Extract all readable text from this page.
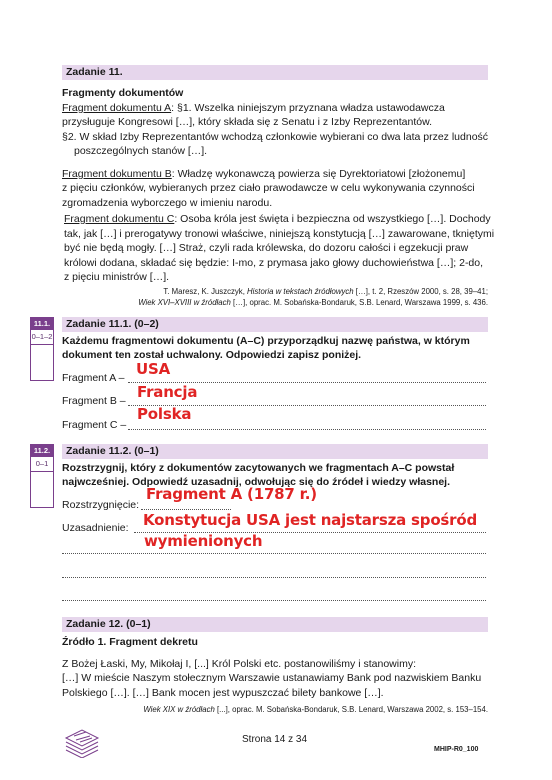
Zadanie 11.
Fragmenty dokumentów
Fragment dokumentu A: §1. Wszelka niniejszym przyznana władza ustawodawcza
przysługuje Kongresowi […], który składa się z Senatu i z Izby Reprezentantów.
§2. W skład Izby Reprezentantów wchodzą członkowie wybierani co dwa lata przez ludność
poszczególnych stanów […].
Fragment dokumentu B: Władzę wykonawczą powierza się Dyrektoriatowi [złożonemu]
z pięciu członków, wybieranych przez ciało prawodawcze w celu wykonywania czynności
zgromadzenia wyborczego w imieniu narodu.
Fragment dokumentu C: Osoba króla jest święta i bezpieczna od wszystkiego […]. Dochody
tak, jak […] i prerogatywy tronowi właściwe, niniejszą konstytucją […] zawarowane, tkniętymi
być nie będą mogły. […] Straż, czyli rada królewska, do dozoru całości i egzekucji praw
królowi dodana, składać się będzie: I-mo, z prymasa jako głowy duchowieństwa […]; 2-do,
z pięciu ministrów […].
T. Maresz, K. Juszczyk, Historia w tekstach źródłowych […], t. 2, Rzeszów 2000, s. 28, 39–41;
Wiek XVI–XVIII w źródłach […], oprac. M. Sobańska-Bondaruk, S.B. Lenard, Warszawa 1999, s. 436.
11.1.
0–1–2
Zadanie 11.1. (0–2)
Każdemu fragmentowi dokumentu (A–C) przyporządkuj nazwę państwa, w którym
dokument ten został uchwalony. Odpowiedzi zapisz poniżej.
Fragment A – USA
Fragment B – Francja
Fragment C –
Polska
11.2.
0–1
Zadanie 11.2. (0–1)
Rozstrzygnij, który z dokumentów zacytowanych we fragmentach A–C powstał
najwcześniej. Odpowiedź uzasadnij, odwołując się do źródeł i wiedzy własnej.
Rozstrzygnięcie:
Fragment A (1787 r.)
Uzasadnienie: Konstytucja USA jest najstarsza spośród
wymienionych
Zadanie 12. (0–1)
Źródło 1. Fragment dekretu
Z Bożej Łaski, My, Mikołaj I, [...] Król Polski etc. postanowiliśmy i stanowimy:
[…] W mieście Naszym stołecznym Warszawie ustanawiamy Bank pod nazwiskiem Banku
Polskiego […]. […] Bank mocen jest wypuszczać bilety bankowe […].
Wiek XIX w źródłach [...], oprac. M. Sobańska-Bondaruk, S.B. Lenard, Warszawa 2002, s. 153–154.
Strona 14 z 34
MHIP-R0_100
